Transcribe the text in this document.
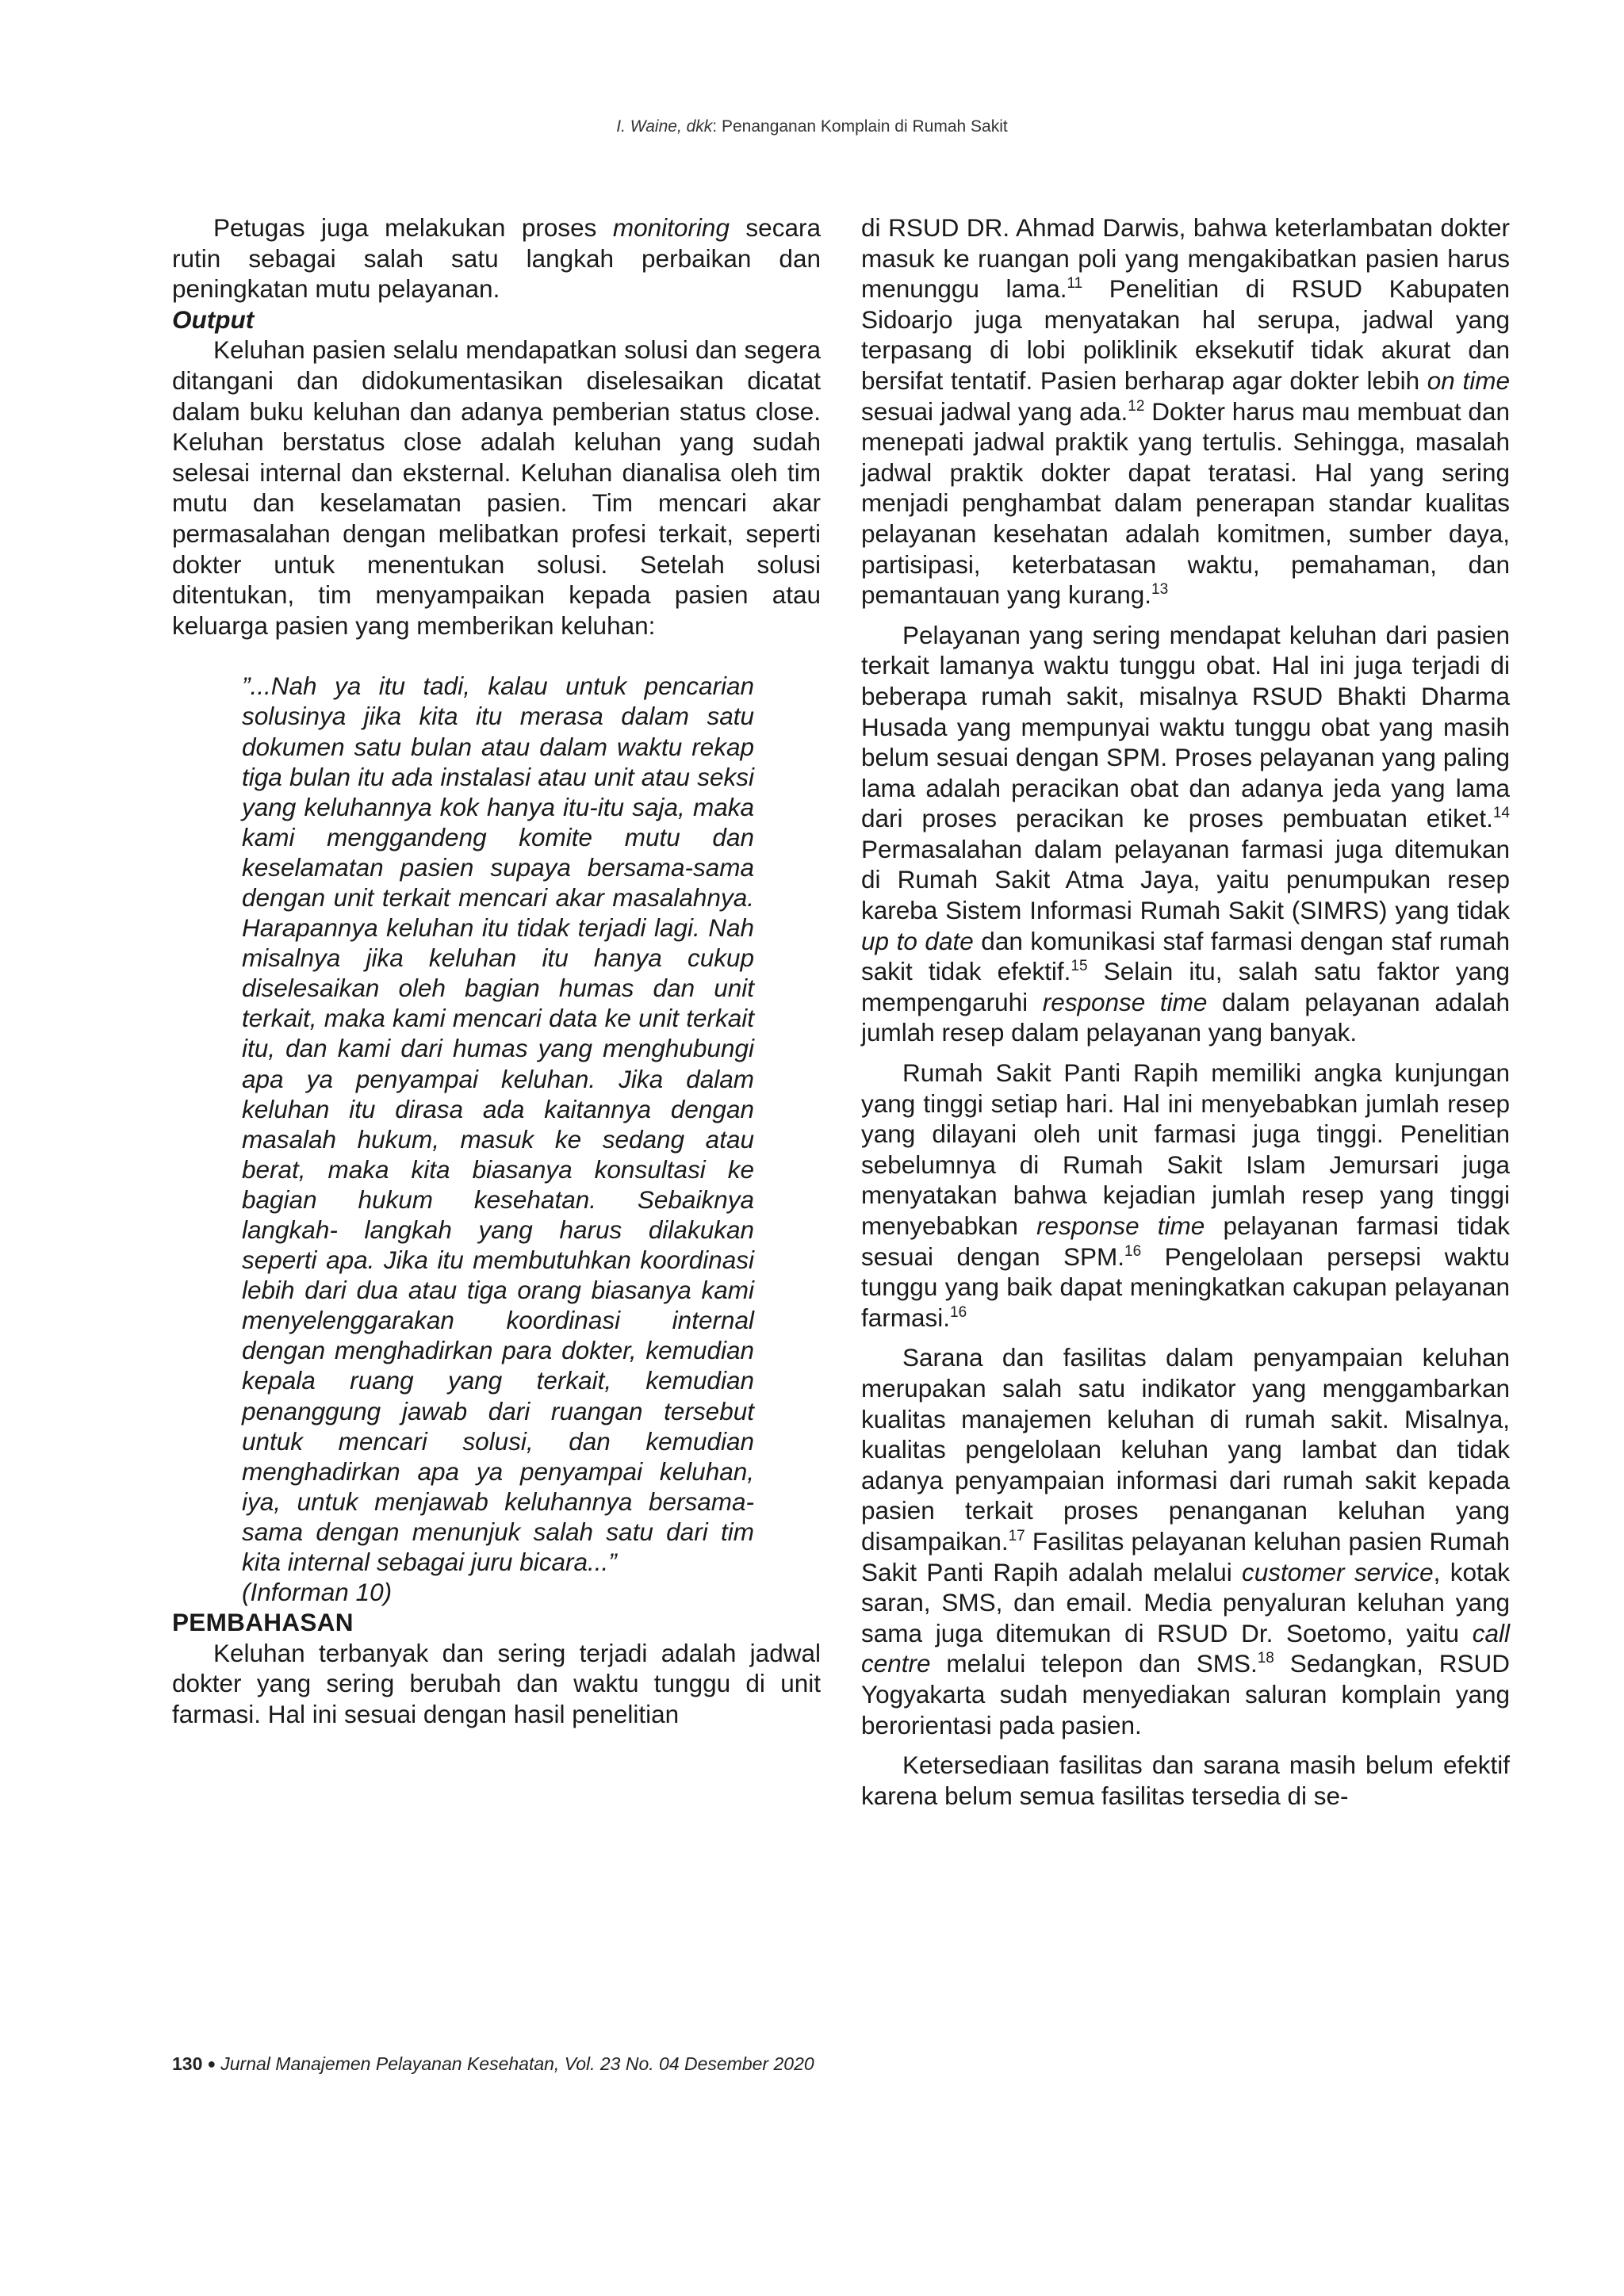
I. Waine, dkk: Penanganan Komplain di Rumah Sakit

Petugas juga melakukan proses monitoring secara rutin sebagai salah satu langkah perbaikan dan peningkatan mutu pelayanan.

Output

Keluhan pasien selalu mendapatkan solusi dan segera ditangani dan didokumentasikan diselesaikan dicatat dalam buku keluhan dan adanya pemberian status close. Keluhan berstatus close adalah keluhan yang sudah selesai internal dan eksternal. Keluhan dianalisa oleh tim mutu dan keselamatan pasien. Tim mencari akar permasalahan dengan melibatkan profesi terkait, seperti dokter untuk menentukan solusi. Setelah solusi ditentukan, tim menyampaikan kepada pasien atau keluarga pasien yang memberikan keluhan:

”...Nah ya itu tadi, kalau untuk pencarian solusinya jika kita itu merasa dalam satu dokumen satu bulan atau dalam waktu rekap tiga bulan itu ada instalasi atau unit atau seksi yang keluhannya kok hanya itu-itu saja, maka kami menggandeng komite mutu dan keselamatan pasien supaya bersama-sama dengan unit terkait mencari akar masalahnya. Harapannya keluhan itu tidak terjadi lagi. Nah misalnya jika keluhan itu hanya cukup diselesaikan oleh bagian humas dan unit terkait, maka kami mencari data ke unit terkait itu, dan kami dari humas yang menghubungi apa ya penyampai keluhan. Jika dalam keluhan itu dirasa ada kaitannya dengan masalah hukum, masuk ke sedang atau berat, maka kita biasanya konsultasi ke bagian hukum kesehatan. Sebaiknya langkah- langkah yang harus dilakukan seperti apa. Jika itu membutuhkan koordinasi lebih dari dua atau tiga orang biasanya kami menyelenggarakan koordinasi internal dengan menghadirkan para dokter, kemudian kepala ruang yang terkait, kemudian penanggung jawab dari ruangan tersebut untuk mencari solusi, dan kemudian menghadirkan apa ya penyampai keluhan, iya, untuk menjawab keluhannya bersama-sama dengan menunjuk salah satu dari tim kita internal sebagai juru bicara...”

(Informan 10)

PEMBAHASAN

Keluhan terbanyak dan sering terjadi adalah jadwal dokter yang sering berubah dan waktu tunggu di unit farmasi. Hal ini sesuai dengan hasil penelitian

di RSUD DR. Ahmad Darwis, bahwa keterlambatan dokter masuk ke ruangan poli yang mengakibatkan pasien harus menunggu lama.$^{11}$ Penelitian di RSUD Kabupaten Sidoarjo juga menyatakan hal serupa, jadwal yang terpasang di lobi poliklinik eksekutif tidak akurat dan bersifat tentatif. Pasien berharap agar dokter lebih on time sesuai jadwal yang ada.$^{12}$ Dokter harus mau membuat dan menepati jadwal praktik yang tertulis. Sehingga, masalah jadwal praktik dokter dapat teratasi. Hal yang sering menjadi penghambat dalam penerapan standar kualitas pelayanan kesehatan adalah komitmen, sumber daya, partisipasi, keterbatasan waktu, pemahaman, dan pemantauan yang kurang.$^{13}$

Pelayanan yang sering mendapat keluhan dari pasien terkait lamanya waktu tunggu obat. Hal ini juga terjadi di beberapa rumah sakit, misalnya RSUD Bhakti Dharma Husada yang mempunyai waktu tunggu obat yang masih belum sesuai dengan SPM. Proses pelayanan yang paling lama adalah peracikan obat dan adanya jeda yang lama dari proses peracikan ke proses pembuatan etiket.$^{14}$ Permasalahan dalam pelayanan farmasi juga ditemukan di Rumah Sakit Atma Jaya, yaitu penumpukan resep kareba Sistem Informasi Rumah Sakit (SIMRS) yang tidak up to date dan komunikasi staf farmasi dengan staf rumah sakit tidak efektif.$^{15}$ Selain itu, salah satu faktor yang mempengaruhi response time dalam pelayanan adalah jumlah resep dalam pelayanan yang banyak.

Rumah Sakit Panti Rapih memiliki angka kunjungan yang tinggi setiap hari. Hal ini menyebabkan jumlah resep yang dilayani oleh unit farmasi juga tinggi. Penelitian sebelumnya di Rumah Sakit Islam Jemursari juga menyatakan bahwa kejadian jumlah resep yang tinggi menyebabkan response time pelayanan farmasi tidak sesuai dengan SPM.$^{16}$ Pengelolaan persepsi waktu tunggu yang baik dapat meningkatkan cakupan pelayanan farmasi.$^{16}$

Sarana dan fasilitas dalam penyampaian keluhan merupakan salah satu indikator yang menggambarkan kualitas manajemen keluhan di rumah sakit. Misalnya, kualitas pengelolaan keluhan yang lambat dan tidak adanya penyampaian informasi dari rumah sakit kepada pasien terkait proses penanganan keluhan yang disampaikan.$^{17}$ Fasilitas pelayanan keluhan pasien Rumah Sakit Panti Rapih adalah melalui customer service, kotak saran, SMS, dan email. Media penyaluran keluhan yang sama juga ditemukan di RSUD Dr. Soetomo, yaitu call centre melalui telepon dan SMS.$^{18}$ Sedangkan, RSUD Yogyakarta sudah menyediakan saluran komplain yang berorientasi pada pasien.

Ketersediaan fasilitas dan sarana masih belum efektif karena belum semua fasilitas tersedia di se-

130 ● Jurnal Manajemen Pelayanan Kesehatan, Vol. 23 No. 04 Desember 2020
